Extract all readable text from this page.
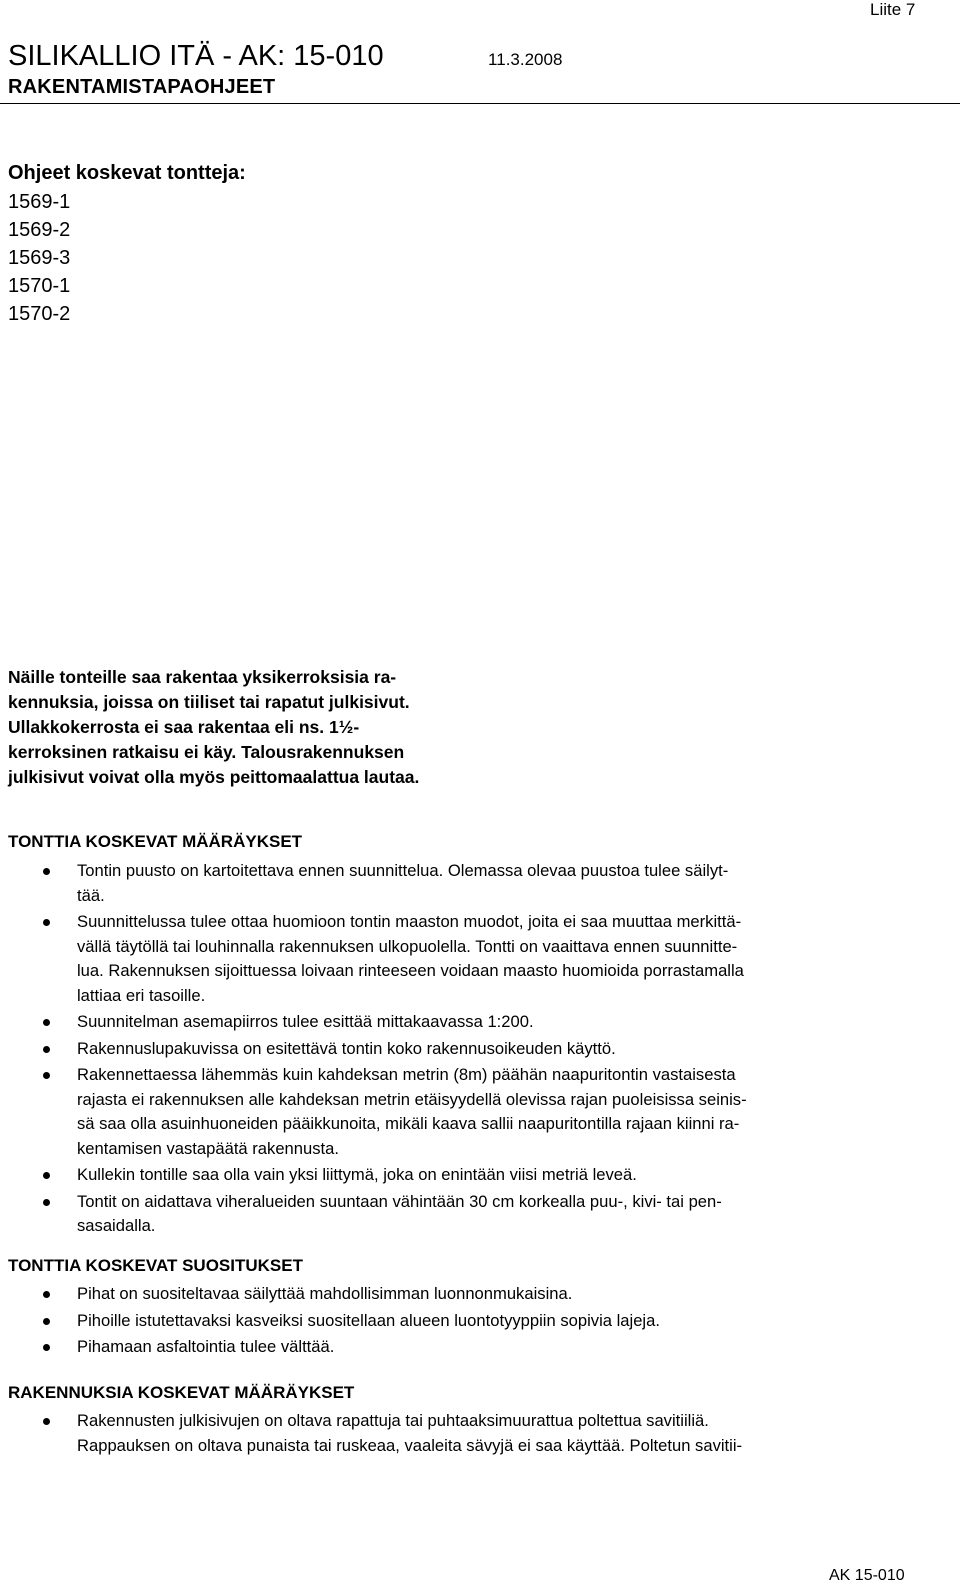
Liite 7
SILIKALLIO ITÄ - AK: 15-010	11.3.2008
RAKENTAMISTAPAOHJEET
Ohjeet koskevat tontteja:
1569-1
1569-2
1569-3
1570-1
1570-2
Näille tonteille saa rakentaa yksikerroksisia ra-
kennuksia, joissa on tiiliset tai rapatut julkisivut.
Ullakkokerrosta ei saa rakentaa eli ns. 1½-
kerroksinen ratkaisu ei käy. Talousrakennuksen
julkisivut voivat olla myös peittomaalattua lautaa.
TONTTIA KOSKEVAT MÄÄRÄYKSET
Tontin puusto on kartoitettava ennen suunnittelua. Olemassa olevaa puustoa tulee säilyt-
tää.
Suunnittelussa tulee ottaa huomioon tontin maaston muodot, joita ei saa muuttaa merkittä-
vällä täytöllä tai louhinnalla rakennuksen ulkopuolella. Tontti on vaaittava ennen suunnitte-
lua. Rakennuksen sijoittuessa loivaan rinteeseen voidaan maasto huomioida porrastamalla
lattiaa eri tasoille.
Suunnitelman asemapiirros tulee esittää mittakaavassa 1:200.
Rakennuslupakuvissa on esitettävä tontin koko rakennusoikeuden käyttö.
Rakennettaessa lähemmäs kuin kahdeksan metrin (8m) päähän naapuritontin vastaisesta
rajasta ei rakennuksen alle kahdeksan metrin etäisyydellä olevissa rajan puoleisissa seinis-
sä saa olla asuinhuoneiden pääikkunoita, mikäli kaava sallii naapuritontilla rajaan kiinni ra-
kentamisen vastapäätä rakennusta.
Kullekin tontille saa olla vain yksi liittymä, joka on enintään viisi metriä leveä.
Tontit on aidattava viheralueiden suuntaan vähintään 30 cm korkealla puu-, kivi- tai pen-
sasaidalla.
TONTTIA KOSKEVAT SUOSITUKSET
Pihat on suositeltavaa säilyttää mahdollisimman luonnonmukaisina.
Pihoille istutettavaksi kasveiksi suositellaan alueen luontotyyppiin sopivia lajeja.
Pihamaan asfaltointia tulee välttää.
RAKENNUKSIA KOSKEVAT MÄÄRÄYKSET
Rakennusten julkisivujen on oltava rapattuja tai puhtaaksimuurattua poltettua savitiiliä.
Rappauksen on oltava punaista tai ruskeaa, vaaleita sävyjä ei saa käyttää. Poltetun savitii-
AK 15-010
